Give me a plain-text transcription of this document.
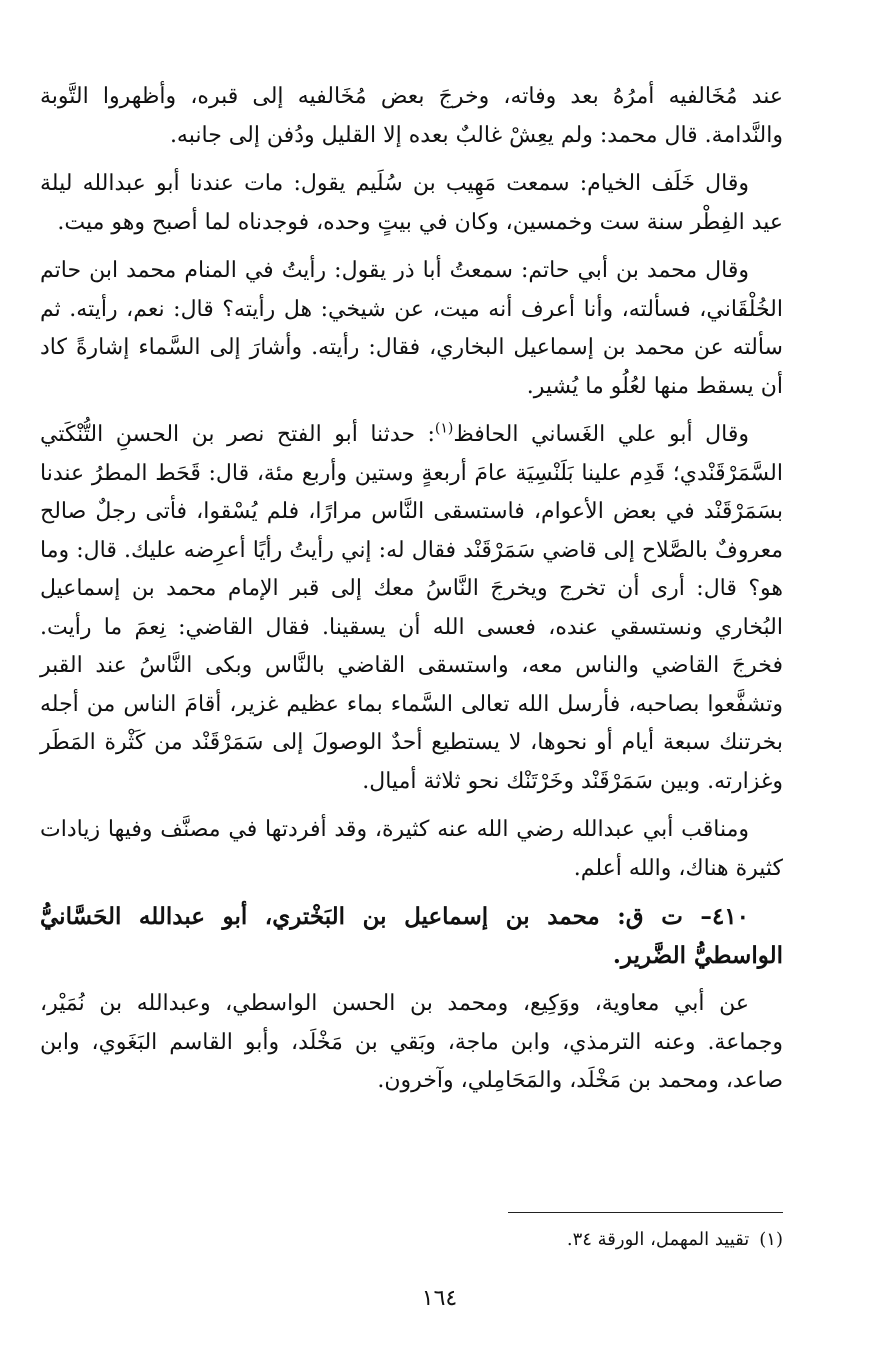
عند مُخَالفيه أمرُهُ بعد وفاته، وخرجَ بعض مُخَالفيه إلى قبره، وأظهروا التَّوبة والنَّدامة. قال محمد: ولم يعِشْ غالبٌ بعده إلا القليل ودُفن إلى جانبه.

وقال خَلَف الخيام: سمعت مَهِيب بن سُلَيم يقول: مات عندنا أبو عبدالله ليلة عيد الفِطْر سنة ست وخمسين، وكان في بيتٍ وحده، فوجدناه لما أصبح وهو ميت.

وقال محمد بن أبي حاتم: سمعتُ أبا ذر يقول: رأيتُ في المنام محمد ابن حاتم الخُلْقَاني، فسألته، وأنا أعرف أنه ميت، عن شيخي: هل رأيته؟ قال: نعم، رأيته. ثم سألته عن محمد بن إسماعيل البخاري، فقال: رأيته. وأشارَ إلى السَّماء إشارةً كاد أن يسقط منها لعُلُو ما يُشير.

وقال أبو علي الغَساني الحافظ$^{(١)}$: حدثنا أبو الفتح نصر بن الحسنِ التُّنْكَتي السَّمَرْقَنْدي؛ قَدِم علينا بَلَنْسِيَة عامَ أربعةٍ وستين وأربع مئة، قال: قَحَط المطرُ عندنا بسَمَرْقَنْد في بعض الأعوام، فاستسقى النَّاس مرارًا، فلم يُسْقوا، فأتى رجلٌ صالح معروفٌ بالصَّلاح إلى قاضي سَمَرْقَنْد فقال له: إني رأيتُ رأيًا أعرِضه عليك. قال: وما هو؟ قال: أرى أن تخرج ويخرجَ النَّاسُ معك إلى قبر الإمام محمد بن إسماعيل البُخاري ونستسقي عنده، فعسى الله أن يسقينا. فقال القاضي: نِعمَ ما رأيت. فخرجَ القاضي والناس معه، واستسقى القاضي بالنَّاس وبكى النَّاسُ عند القبر وتشفَّعوا بصاحبه، فأرسل الله تعالى السَّماء بماء عظيم غزير، أقامَ الناس من أجله بخرتنك سبعة أيام أو نحوها، لا يستطيع أحدٌ الوصولَ إلى سَمَرْقَنْد من كَثْرة المَطَر وغزارته. وبين سَمَرْقَنْد وخَرْتَنْك نحو ثلاثة أميال.

ومناقب أبي عبدالله رضي الله عنه كثيرة، وقد أفردتها في مصنَّف وفيها زيادات كثيرة هناك، والله أعلم.

٤١٠– ت ق: محمد بن إسماعيل بن البَخْتري، أبو عبدالله الحَسَّانيُّ الواسطيُّ الضَّرير.

عن أبي معاوية، ووَكِيع، ومحمد بن الحسن الواسطي، وعبدالله بن نُمَيْر، وجماعة. وعنه الترمذي، وابن ماجة، وبَقي بن مَخْلَد، وأبو القاسم البَغَوي، وابن صاعد، ومحمد بن مَخْلَد، والمَحَامِلي، وآخرون.

(١)تقييد المهمل، الورقة ٣٤.
١٦٤
